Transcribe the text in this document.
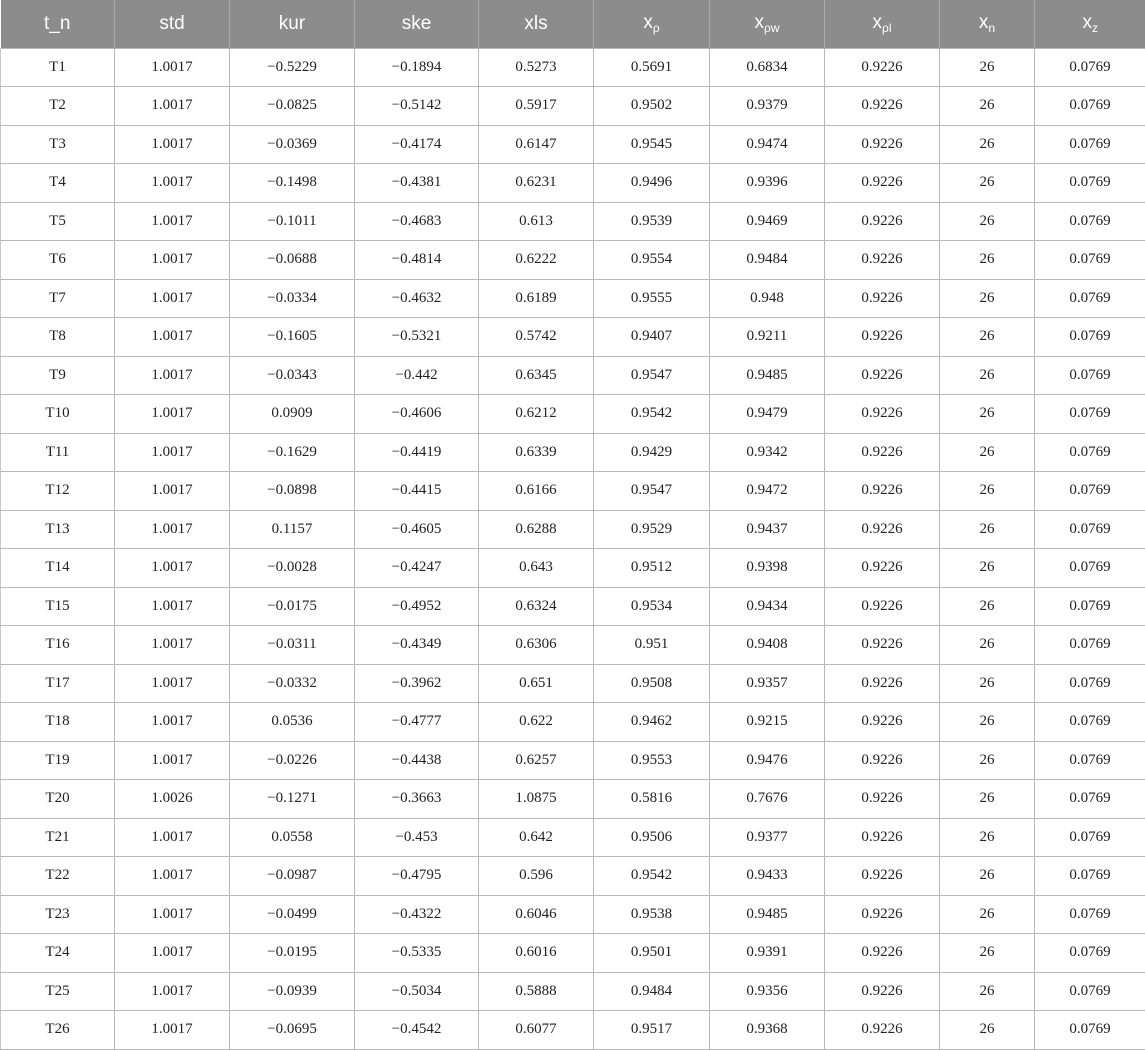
t_n	std	kur	ske	xls	$x_\rho$	$x_{\rho w}$	$x_{\rho l}$	$x_n$	$x_z$
T1	1.0017	−0.5229	−0.1894	0.5273	0.5691	0.6834	0.9226	26	0.0769
T2	1.0017	−0.0825	−0.5142	0.5917	0.9502	0.9379	0.9226	26	0.0769
T3	1.0017	−0.0369	−0.4174	0.6147	0.9545	0.9474	0.9226	26	0.0769
T4	1.0017	−0.1498	−0.4381	0.6231	0.9496	0.9396	0.9226	26	0.0769
T5	1.0017	−0.1011	−0.4683	0.613	0.9539	0.9469	0.9226	26	0.0769
T6	1.0017	−0.0688	−0.4814	0.6222	0.9554	0.9484	0.9226	26	0.0769
T7	1.0017	−0.0334	−0.4632	0.6189	0.9555	0.948	0.9226	26	0.0769
T8	1.0017	−0.1605	−0.5321	0.5742	0.9407	0.9211	0.9226	26	0.0769
T9	1.0017	−0.0343	−0.442	0.6345	0.9547	0.9485	0.9226	26	0.0769
T10	1.0017	0.0909	−0.4606	0.6212	0.9542	0.9479	0.9226	26	0.0769
T11	1.0017	−0.1629	−0.4419	0.6339	0.9429	0.9342	0.9226	26	0.0769
T12	1.0017	−0.0898	−0.4415	0.6166	0.9547	0.9472	0.9226	26	0.0769
T13	1.0017	0.1157	−0.4605	0.6288	0.9529	0.9437	0.9226	26	0.0769
T14	1.0017	−0.0028	−0.4247	0.643	0.9512	0.9398	0.9226	26	0.0769
T15	1.0017	−0.0175	−0.4952	0.6324	0.9534	0.9434	0.9226	26	0.0769
T16	1.0017	−0.0311	−0.4349	0.6306	0.951	0.9408	0.9226	26	0.0769
T17	1.0017	−0.0332	−0.3962	0.651	0.9508	0.9357	0.9226	26	0.0769
T18	1.0017	0.0536	−0.4777	0.622	0.9462	0.9215	0.9226	26	0.0769
T19	1.0017	−0.0226	−0.4438	0.6257	0.9553	0.9476	0.9226	26	0.0769
T20	1.0026	−0.1271	−0.3663	1.0875	0.5816	0.7676	0.9226	26	0.0769
T21	1.0017	0.0558	−0.453	0.642	0.9506	0.9377	0.9226	26	0.0769
T22	1.0017	−0.0987	−0.4795	0.596	0.9542	0.9433	0.9226	26	0.0769
T23	1.0017	−0.0499	−0.4322	0.6046	0.9538	0.9485	0.9226	26	0.0769
T24	1.0017	−0.0195	−0.5335	0.6016	0.9501	0.9391	0.9226	26	0.0769
T25	1.0017	−0.0939	−0.5034	0.5888	0.9484	0.9356	0.9226	26	0.0769
T26	1.0017	−0.0695	−0.4542	0.6077	0.9517	0.9368	0.9226	26	0.0769
